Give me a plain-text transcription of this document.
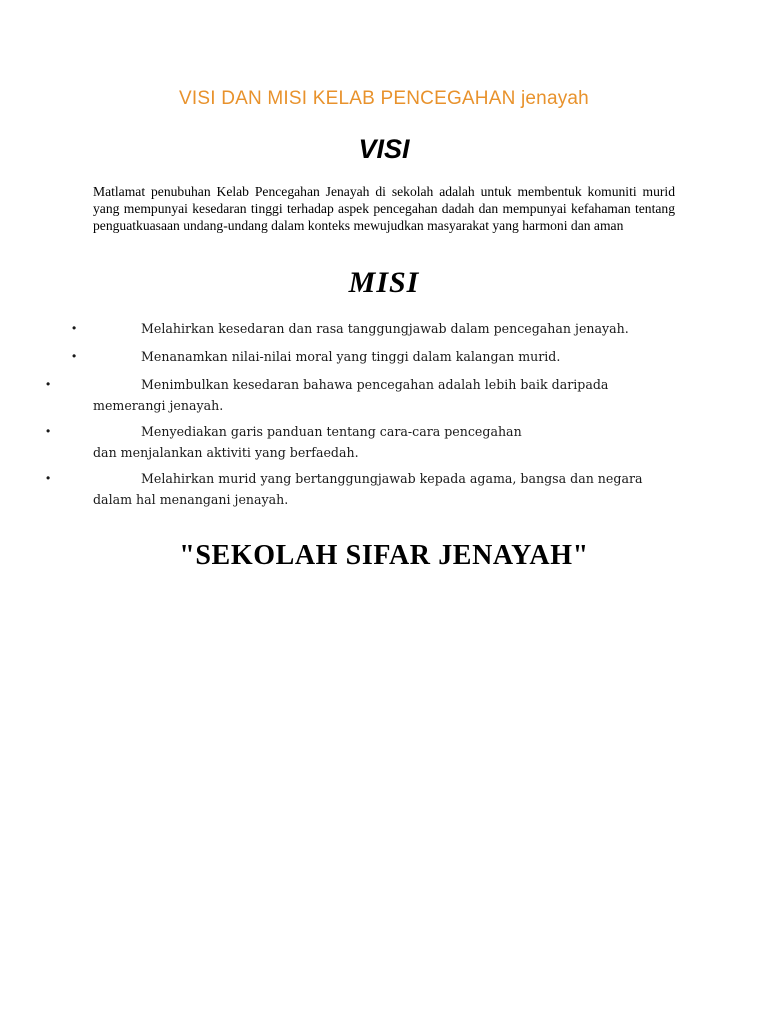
VISI DAN MISI KELAB PENCEGAHAN jenayah
VISI
Matlamat penubuhan Kelab Pencegahan Jenayah di sekolah adalah untuk membentuk komuniti murid yang mempunyai kesedaran tinggi terhadap aspek pencegahan dadah dan mempunyai kefahaman tentang penguatkuasaan undang-undang dalam konteks mewujudkan masyarakat yang harmoni dan aman
MISI
•	Melahirkan kesedaran dan rasa tanggungjawab dalam pencegahan jenayah.
•	Menanamkan nilai-nilai moral yang tinggi dalam kalangan murid.
•	Menimbulkan kesedaran bahawa pencegahan adalah lebih baik daripada
memerangi jenayah.
•	Menyediakan garis panduan tentang cara-cara pencegahan
dan menjalankan aktiviti yang berfaedah.
•	Melahirkan murid yang bertanggungjawab kepada agama, bangsa dan negara
dalam hal menangani jenayah.
"SEKOLAH SIFAR JENAYAH"
